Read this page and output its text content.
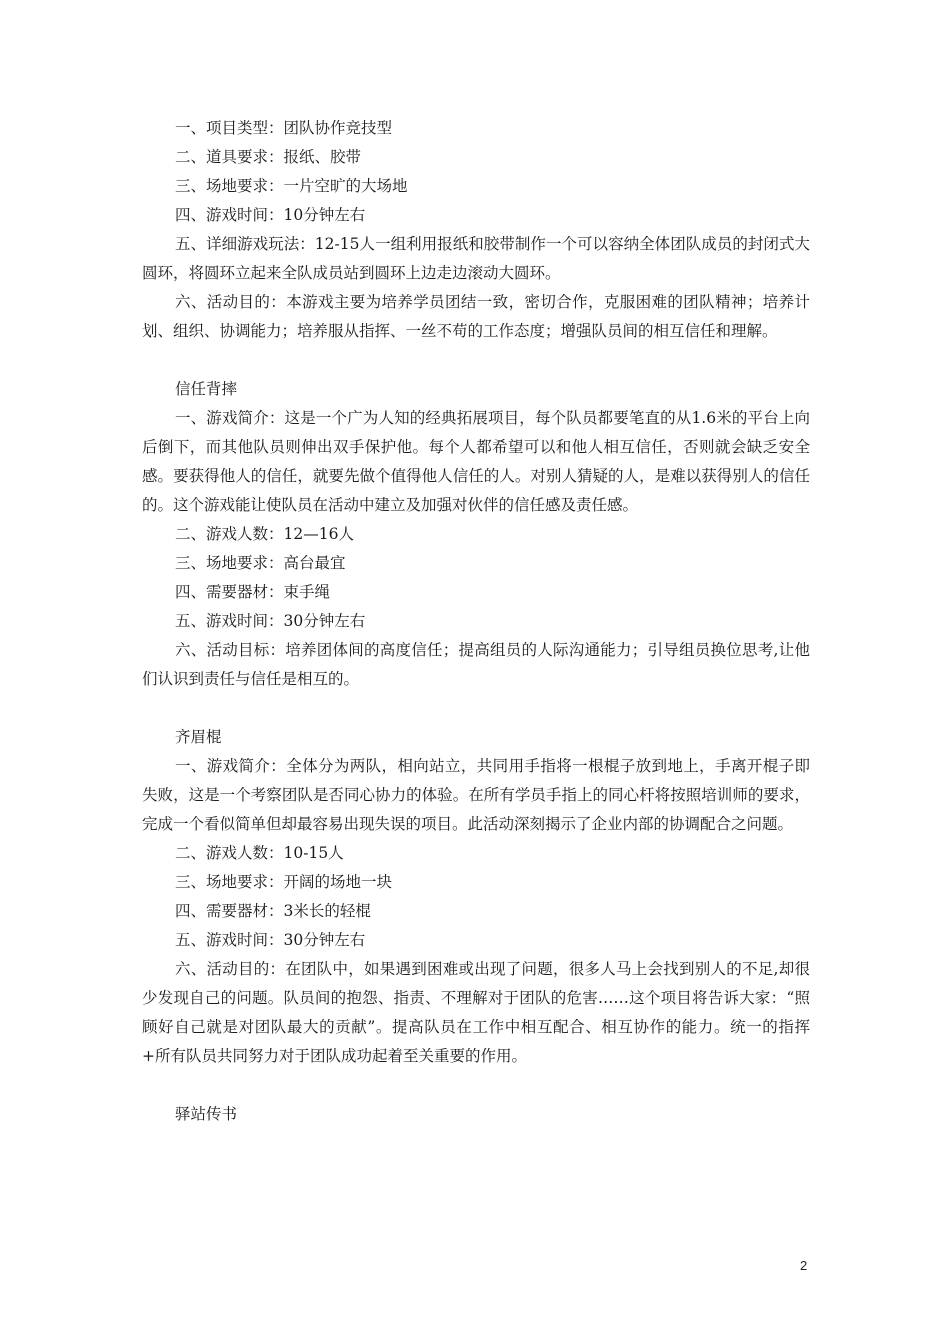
一、项目类型：团队协作竞技型

二、道具要求：报纸、胶带

三、场地要求：一片空旷的大场地

四、游戏时间：10分钟左右

五、详细游戏玩法：12-15人一组利用报纸和胶带制作一个可以容纳全体团队成员的封闭式大圆环，将圆环立起来全队成员站到圆环上边走边滚动大圆环。

六、活动目的：本游戏主要为培养学员团结一致，密切合作，克服困难的团队精神；培养计划、组织、协调能力；培养服从指挥、一丝不苟的工作态度；增强队员间的相互信任和理解。

信任背摔

一、游戏简介：这是一个广为人知的经典拓展项目，每个队员都要笔直的从1.6米的平台上向后倒下，而其他队员则伸出双手保护他。每个人都希望可以和他人相互信任，否则就会缺乏安全感。要获得他人的信任，就要先做个值得他人信任的人。对别人猜疑的人，是难以获得别人的信任的。这个游戏能让使队员在活动中建立及加强对伙伴的信任感及责任感。

二、游戏人数：12—16人

三、场地要求：高台最宜

四、需要器材：束手绳

五、游戏时间：30分钟左右

六、活动目标：培养团体间的高度信任；提高组员的人际沟通能力；引导组员换位思考,让他们认识到责任与信任是相互的。

齐眉棍

一、游戏简介：全体分为两队，相向站立，共同用手指将一根棍子放到地上，手离开棍子即失败，这是一个考察团队是否同心协力的体验。在所有学员手指上的同心杆将按照培训师的要求，完成一个看似简单但却最容易出现失误的项目。此活动深刻揭示了企业内部的协调配合之问题。

二、游戏人数：10-15人

三、场地要求：开阔的场地一块

四、需要器材：3米长的轻棍

五、游戏时间：30分钟左右

六、活动目的：在团队中，如果遇到困难或出现了问题，很多人马上会找到别人的不足,却很少发现自己的问题。队员间的抱怨、指责、不理解对于团队的危害……这个项目将告诉大家：“照顾好自己就是对团队最大的贡献”。提高队员在工作中相互配合、相互协作的能力。统一的指挥+所有队员共同努力对于团队成功起着至关重要的作用。

驿站传书

2
